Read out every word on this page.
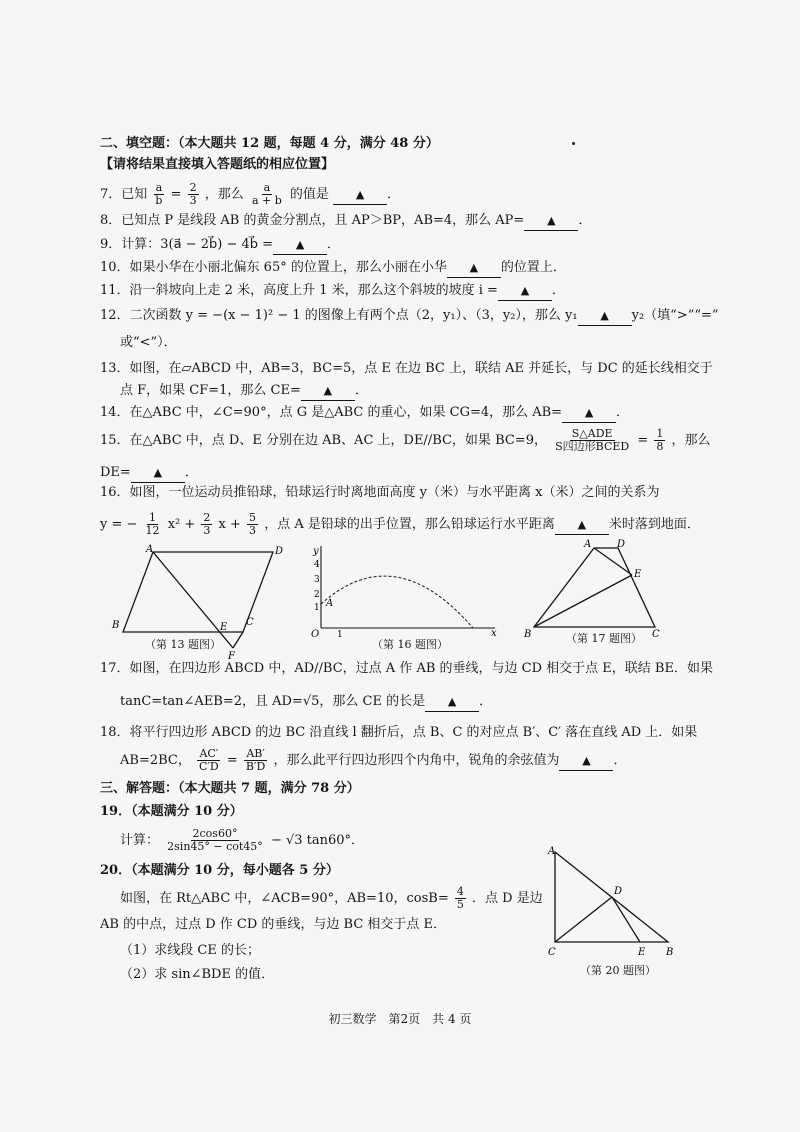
二、填空题：（本大题共 12 题，每题 4 分，满分 48 分）
【请将结果直接填入答题纸的相应位置】
7．已知 $\frac{a}{b} = \frac{2}{3}$ ，那么 $\frac{a}{a + b}$ 的值是 ▲ ．
8．已知点 P 是线段 AB 的黄金分割点，且 AP＞BP，AB=4，那么 AP= ▲ ．
9．计算：3(a⃗ − 2b⃗) − 4b⃗ = ▲ ．
10．如果小华在小丽北偏东 65° 的位置上，那么小丽在小华 ▲ 的位置上．
11．沿一斜坡向上走 2 米，高度上升 1 米，那么这个斜坡的坡度 i = ▲ ．
12．二次函数 y = −(x − 1)² − 1 的图像上有两个点（2，y₁）、（3，y₂），那么 y₁ ▲ y₂（填“>”“=”
或“<”）．
13．如图，在▱ABCD 中，AB=3，BC=5，点 E 在边 BC 上，联结 AE 并延长，与 DC 的延长线相交于
点 F，如果 CF=1，那么 CE= ▲ ．
14．在△ABC 中，∠C=90°，点 G 是△ABC 的重心，如果 CG=4，那么 AB= ▲ ．
15．在△ABC 中，点 D、E 分别在边 AB、AC 上，DE//BC，如果 BC=9， $\frac{\text{S△ADE}}{\text{S四边形BCED}} = \frac{1}{8}$ ，那么
DE= ▲ ．
16．如图，一位运动员推铅球，铅球运行时离地面高度 y（米）与水平距离 x（米）之间的关系为
y = − $\frac{1}{12} x^2 + \frac{2}{3}$ $x + \frac{5}{3}$ ，点 A 是铅球的出手位置，那么铅球运行水平距离 ▲ 米时落到地面．
A	D
B	E C
F
（第 13 题图）
y
x
O
A
1
2
3
4
1
（第 16 题图）
A	D
E
B	C
（第 17 题图）
17．如图，在四边形 ABCD 中，AD//BC，过点 A 作 AB 的垂线，与边 CD 相交于点 E，联结 BE．如果
tanC=tan∠AEB=2，且 AD=√5，那么 CE 的长是 ▲ ．
18．将平行四边形 ABCD 的边 BC 沿直线 l 翻折后，点 B、C 的对应点 B′、C′ 落在直线 AD 上．如果
AB=2BC， $\frac{AC'}{C'D} = \frac{AB'}{B'D}$ ，那么此平行四边形四个内角中，锐角的余弦值为 ▲ ．
三、解答题：（本大题共 7 题，满分 78 分）
19．（本题满分 10 分）
计算： $\frac{2\cos 60^\circ}{2\sin 45^\circ - \cot 45^\circ} - √3$ tan60°．
20．（本题满分 10 分，每小题各 5 分）
如图，在 Rt△ABC 中，∠ACB=90°，AB=10，$\cos B= \frac{4}{5}$ ．点 D 是边
AB 的中点，过点 D 作 CD 的垂线，与边 BC 相交于点 E．
（1）求线段 CE 的长；
（2）求 sin∠BDE 的值．
A
D
C	E B
（第 20 题图）
初三数学　第2页　共 4 页
